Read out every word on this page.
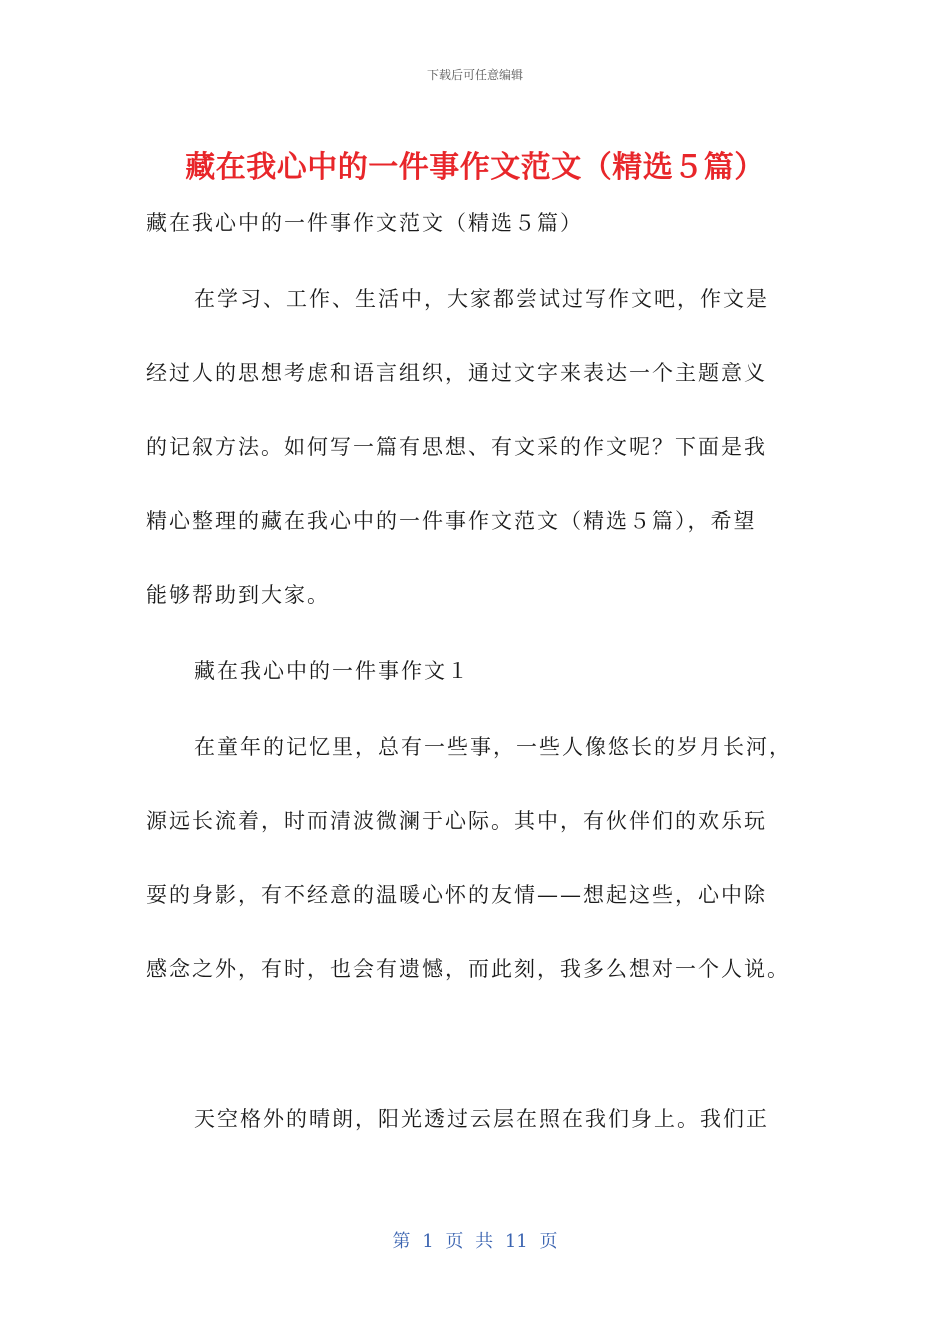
下载后可任意编辑
藏在我心中的一件事作文范文（精选５篇）
藏在我心中的一件事作文范文（精选５篇）
在学习、工作、生活中，大家都尝试过写作文吧，作文是
经过人的思想考虑和语言组织，通过文字来表达一个主题意义
的记叙方法。如何写一篇有思想、有文采的作文呢？下面是我
精心整理的藏在我心中的一件事作文范文（精选５篇），希望
能够帮助到大家。
藏在我心中的一件事作文１
在童年的记忆里，总有一些事，一些人像悠长的岁月长河，
源远长流着，时而清波微澜于心际。其中，有伙伴们的欢乐玩
耍的身影，有不经意的温暖心怀的友情——想起这些，心中除
感念之外，有时，也会有遗憾，而此刻，我多么想对一个人说。
天空格外的晴朗，阳光透过云层在照在我们身上。我们正
第 1 页 共 11 页
